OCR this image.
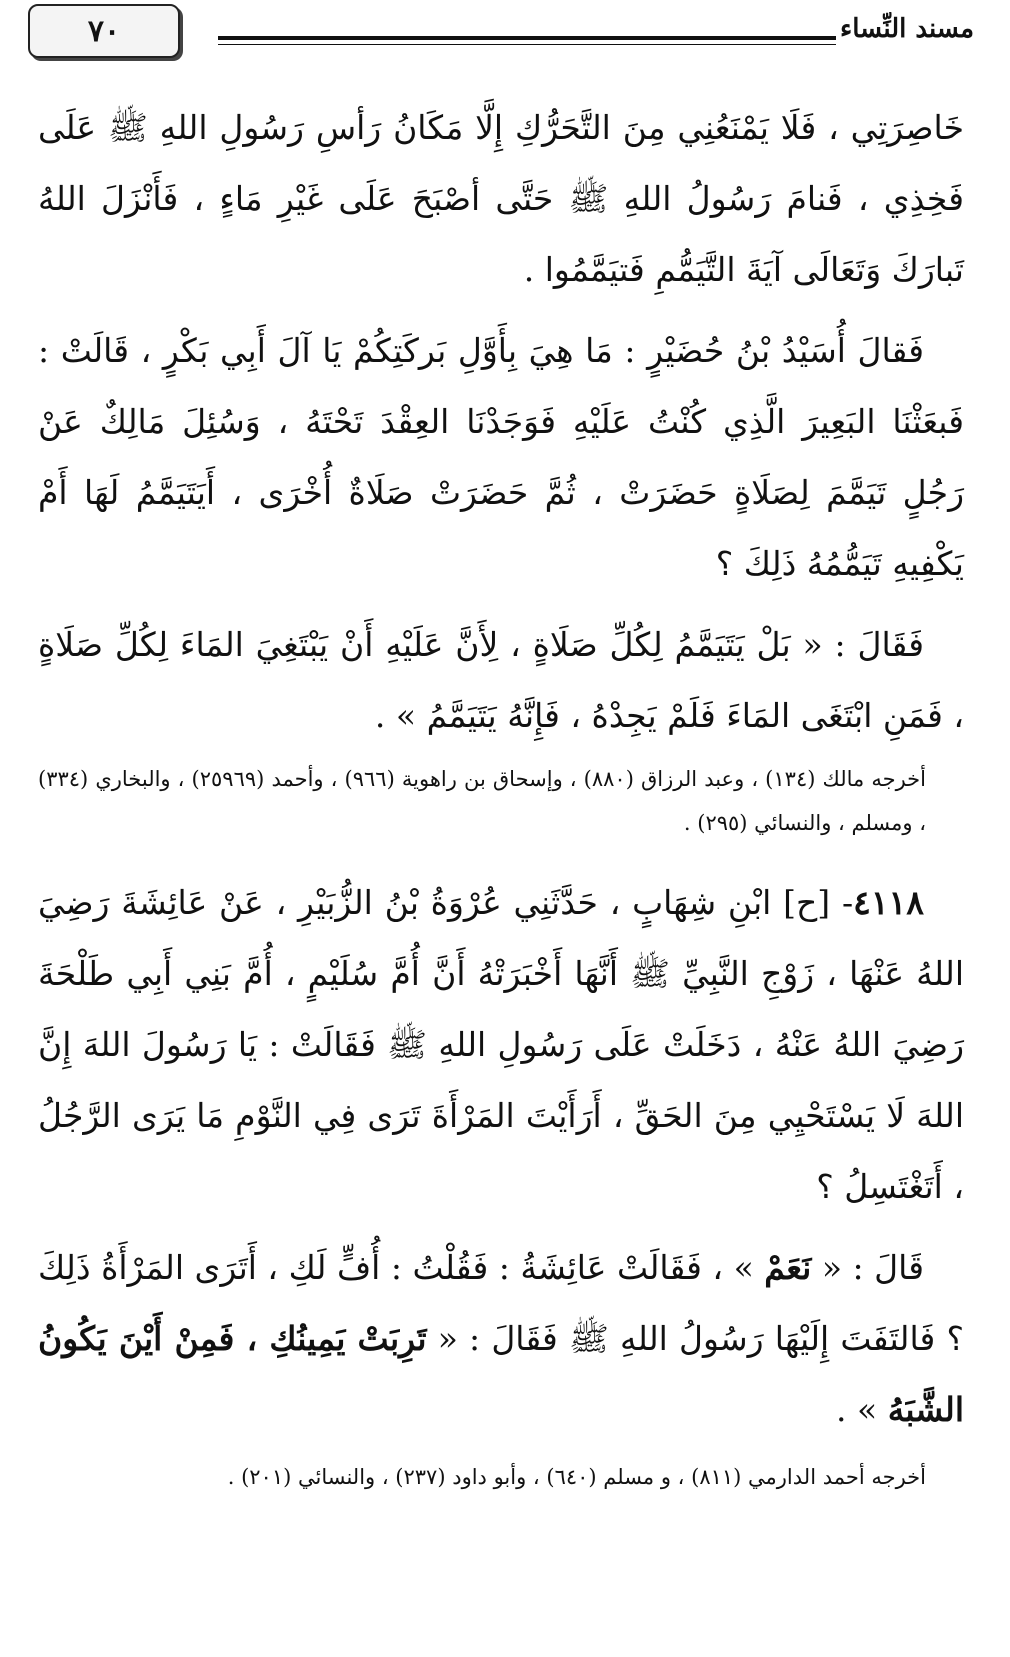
٧٠	مسند النِّساء

خَاصِرَتِي ، فَلَا يَمْنَعُنِي مِنَ التَّحَرُّكِ إِلَّا مَكَانُ رَأسِ رَسُولِ اللهِ ﷺ عَلَى فَخِذِي ، فَنامَ رَسُولُ اللهِ ﷺ حَتَّى أصْبَحَ عَلَى غَيْرِ مَاءٍ ، فَأَنْزَلَ اللهُ تَبارَكَ وَتَعَالَى آيَةَ التَّيَمُّمِ فَتيَمَّمُوا .

فَقالَ أُسَيْدُ بْنُ حُضَيْرٍ : مَا هِيَ بِأَوَّلِ بَركَتِكُمْ يَا آلَ أَبِي بَكْرٍ ، قَالَتْ : فَبعَثْنَا البَعِيرَ الَّذِي كُنْتُ عَلَيْهِ فَوَجَدْنَا العِقْدَ تَحْتَهُ ، وَسُئِلَ مَالِكٌ عَنْ رَجُلٍ تَيَمَّمَ لِصَلَاةٍ حَضَرَتْ ، ثُمَّ حَضَرَتْ صَلَاةٌ أُخْرَى ، أَيَتَيَمَّمُ لَهَا أَمْ يَكْفِيهِ تَيَمُّمُهُ ذَلِكَ ؟

فَقَالَ : « بَلْ يَتَيَمَّمُ لِكُلِّ صَلَاةٍ ، لِأَنَّ عَلَيْهِ أَنْ يَبْتَغِيَ المَاءَ لِكُلِّ صَلَاةٍ ، فَمَنِ ابْتَغَى المَاءَ فَلَمْ يَجِدْهُ ، فَإِنَّهُ يَتَيَمَّمُ » .

أخرجه مالك (١٣٤) ، وعبد الرزاق (٨٨٠) ، وإسحاق بن راهوية (٩٦٦) ، وأحمد (٢٥٩٦٩) ، والبخاري (٣٣٤) ، ومسلم ، والنسائي (٢٩٥) .

٤١١٨- [ح] ابْنِ شِهَابٍ ، حَدَّثَنِي عُرْوَةُ بْنُ الزُّبَيْرِ ، عَنْ عَائِشَةَ رَضِيَ اللهُ عَنْهَا ، زَوْجِ النَّبِيِّ ﷺ أَنَّهَا أَخْبَرَتْهُ أَنَّ أُمَّ سُلَيْمٍ ، أُمَّ بَنِي أَبِي طَلْحَةَ رَضِيَ اللهُ عَنْهُ ، دَخَلَتْ عَلَى رَسُولِ اللهِ ﷺ فَقَالَتْ : يَا رَسُولَ اللهَ إِنَّ اللهَ لَا يَسْتَحْيِي مِنَ الحَقِّ ، أَرَأَيْتَ المَرْأَةَ تَرَى فِي النَّوْمِ مَا يَرَى الرَّجُلُ ، أَتَغْتَسِلُ ؟

قَالَ : « نَعَمْ » ، فَقَالَتْ عَائِشَةُ : فَقُلْتُ : أُفٍّ لَكِ ، أَتَرَى المَرْأَةُ ذَلِكَ ؟ فَالتَفَتَ إِلَيْهَا رَسُولُ اللهِ ﷺ فَقَالَ : « تَرِبَتْ يَمِينُكِ ، فَمِنْ أَيْنَ يَكُونُ الشَّبَهُ » .

أخرجه أحمد الدارمي (٨١١) ، و مسلم (٦٤٠) ، وأبو داود (٢٣٧) ، والنسائي (٢٠١) .
